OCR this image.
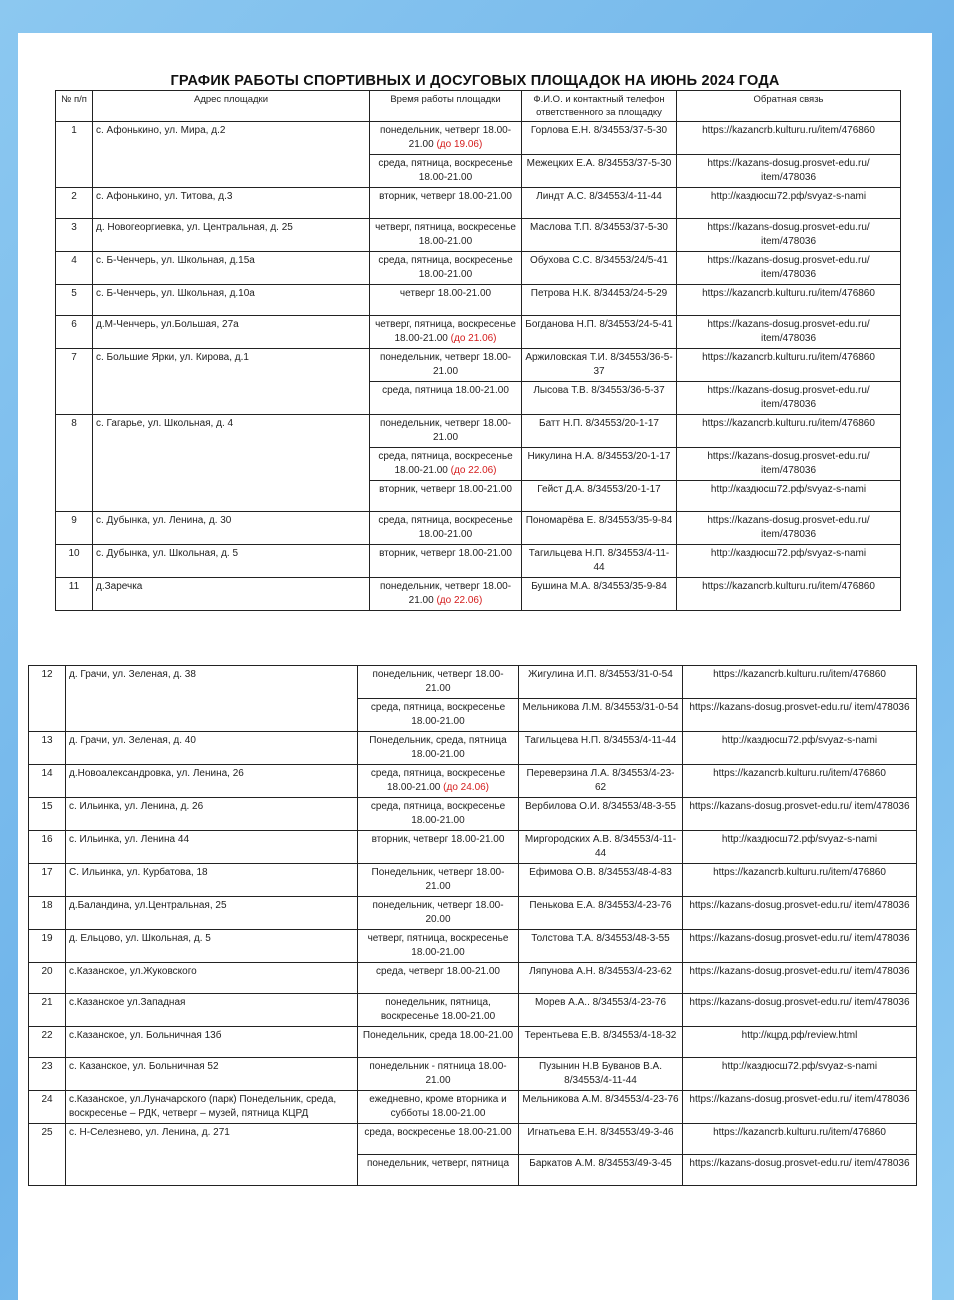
ГРАФИК РАБОТЫ СПОРТИВНЫХ И ДОСУГОВЫХ ПЛОЩАДОК НА ИЮНЬ 2024 ГОДА
№ п/п	Адрес площадки	Время работы площадки	Ф.И.О. и контактный телефон ответственного за площадку	Обратная связь
1	с. Афонькино, ул. Мира, д.2	понедельник, четверг 18.00-21.00 (до 19.06)	Горлова Е.Н. 8/34553/37-5-30	https://kazancrb.kulturu.ru/item/476860
		среда, пятница, воскресенье 18.00-21.00	Межецких Е.А. 8/34553/37-5-30	https://kazans-dosug.prosvet-edu.ru/ item/478036
2	с. Афонькино, ул. Титова, д.3	вторник, четверг 18.00-21.00	Линдт А.С. 8/34553/4-11-44	http://каздюсш72.рф/svyaz-s-nami
3	д. Новогеоргиевка, ул. Центральная, д. 25	четверг, пятница, воскресенье 18.00-21.00	Маслова Т.П. 8/34553/37-5-30	https://kazans-dosug.prosvet-edu.ru/ item/478036
4	с. Б-Ченчерь, ул. Школьная, д.15а	среда, пятница, воскресенье 18.00-21.00	Обухова С.С. 8/34553/24/5-41	https://kazans-dosug.prosvet-edu.ru/ item/478036
5	с. Б-Ченчерь, ул. Школьная, д.10а	четверг 18.00-21.00	Петрова Н.К. 8/34453/24-5-29	https://kazancrb.kulturu.ru/item/476860
6	д.М-Ченчерь, ул.Большая, 27а	четверг, пятница, воскресенье 18.00-21.00 (до 21.06)	Богданова Н.П. 8/34553/24-5-41	https://kazans-dosug.prosvet-edu.ru/ item/478036
7	с. Большие Ярки, ул. Кирова, д.1	понедельник, четверг 18.00-21.00	Аржиловская Т.И. 8/34553/36-5-37	https://kazancrb.kulturu.ru/item/476860
		среда, пятница 18.00-21.00	Лысова Т.В. 8/34553/36-5-37	https://kazans-dosug.prosvet-edu.ru/ item/478036
8	с. Гагарье, ул. Школьная, д. 4	понедельник, четверг 18.00-21.00	Батт Н.П. 8/34553/20-1-17	https://kazancrb.kulturu.ru/item/476860
		среда, пятница, воскресенье 18.00-21.00 (до 22.06)	Никулина Н.А. 8/34553/20-1-17	https://kazans-dosug.prosvet-edu.ru/ item/478036
		вторник, четверг 18.00-21.00	Гейст Д.А. 8/34553/20-1-17	http://каздюсш72.рф/svyaz-s-nami
9	с. Дубынка, ул. Ленина, д. 30	среда, пятница, воскресенье 18.00-21.00	Пономарёва Е. 8/34553/35-9-84	https://kazans-dosug.prosvet-edu.ru/ item/478036
10	с. Дубынка, ул. Школьная, д. 5	вторник, четверг 18.00-21.00	Тагильцева Н.П. 8/34553/4-11-44	http://каздюсш72.рф/svyaz-s-nami
11	д.Заречка	понедельник, четверг 18.00-21.00 (до 22.06)	Бушина М.А. 8/34553/35-9-84	https://kazancrb.kulturu.ru/item/476860
12	д. Грачи, ул. Зеленая, д. 38	понедельник, четверг 18.00-21.00	Жигулина И.П. 8/34553/31-0-54	https://kazancrb.kulturu.ru/item/476860
		среда, пятница, воскресенье 18.00-21.00	Мельникова Л.М. 8/34553/31-0-54	https://kazans-dosug.prosvet-edu.ru/ item/478036
13	д. Грачи, ул. Зеленая, д. 40	Понедельник, среда, пятница 18.00-21.00	Тагильцева Н.П. 8/34553/4-11-44	http://каздюсш72.рф/svyaz-s-nami
14	д.Новоалександровка, ул. Ленина, 26	среда, пятница, воскресенье 18.00-21.00 (до 24.06)	Переверзина Л.А. 8/34553/4-23-62	https://kazancrb.kulturu.ru/item/476860
15	с. Ильинка, ул. Ленина, д. 26	среда, пятница, воскресенье 18.00-21.00	Вербилова О.И. 8/34553/48-3-55	https://kazans-dosug.prosvet-edu.ru/ item/478036
16	с. Ильинка, ул. Ленина 44	вторник, четверг 18.00-21.00	Миргородских А.В. 8/34553/4-11-44	http://каздюсш72.рф/svyaz-s-nami
17	С. Ильинка, ул. Курбатова, 18	Понедельник, четверг 18.00-21.00	Ефимова О.В. 8/34553/48-4-83	https://kazancrb.kulturu.ru/item/476860
18	д.Баландина, ул.Центральная, 25	понедельник, четверг 18.00-20.00	Пенькова Е.А. 8/34553/4-23-76	https://kazans-dosug.prosvet-edu.ru/ item/478036
19	д. Ельцово, ул. Школьная, д. 5	четверг, пятница, воскресенье 18.00-21.00	Толстова Т.А. 8/34553/48-3-55	https://kazans-dosug.prosvet-edu.ru/ item/478036
20	с.Казанское, ул.Жуковского	среда, четверг 18.00-21.00	Ляпунова А.Н. 8/34553/4-23-62	https://kazans-dosug.prosvet-edu.ru/ item/478036
21	с.Казанское ул.Западная	понедельник, пятница, воскресенье 18.00-21.00	Моpев А.А.. 8/34553/4-23-76	https://kazans-dosug.prosvet-edu.ru/ item/478036
22	с.Казанское, ул. Больничная 13б	Понедельник, среда 18.00-21.00	Терентьева Е.В. 8/34553/4-18-32	http://кцрд.рф/review.html
23	с. Казанское, ул. Больничная 52	понедельник - пятница 18.00-21.00	Пузынин Н.В Буванов В.А. 8/34553/4-11-44	http://каздюсш72.рф/svyaz-s-nami
24	с.Казанское, ул.Луначарского (парк) Понедельник, среда, воскресенье – РДК, четверг – музей, пятница КЦРД	ежедневно, кроме вторника и субботы 18.00-21.00	Мельникова А.М. 8/34553/4-23-76	https://kazans-dosug.prosvet-edu.ru/ item/478036
25	с. Н-Селезнево, ул. Ленина, д. 271	среда, воскресенье 18.00-21.00	Игнатьева Е.Н. 8/34553/49-3-46	https://kazancrb.kulturu.ru/item/476860
		понедельник, четверг, пятница	Баркатов А.М. 8/34553/49-3-45	https://kazans-dosug.prosvet-edu.ru/ item/478036
